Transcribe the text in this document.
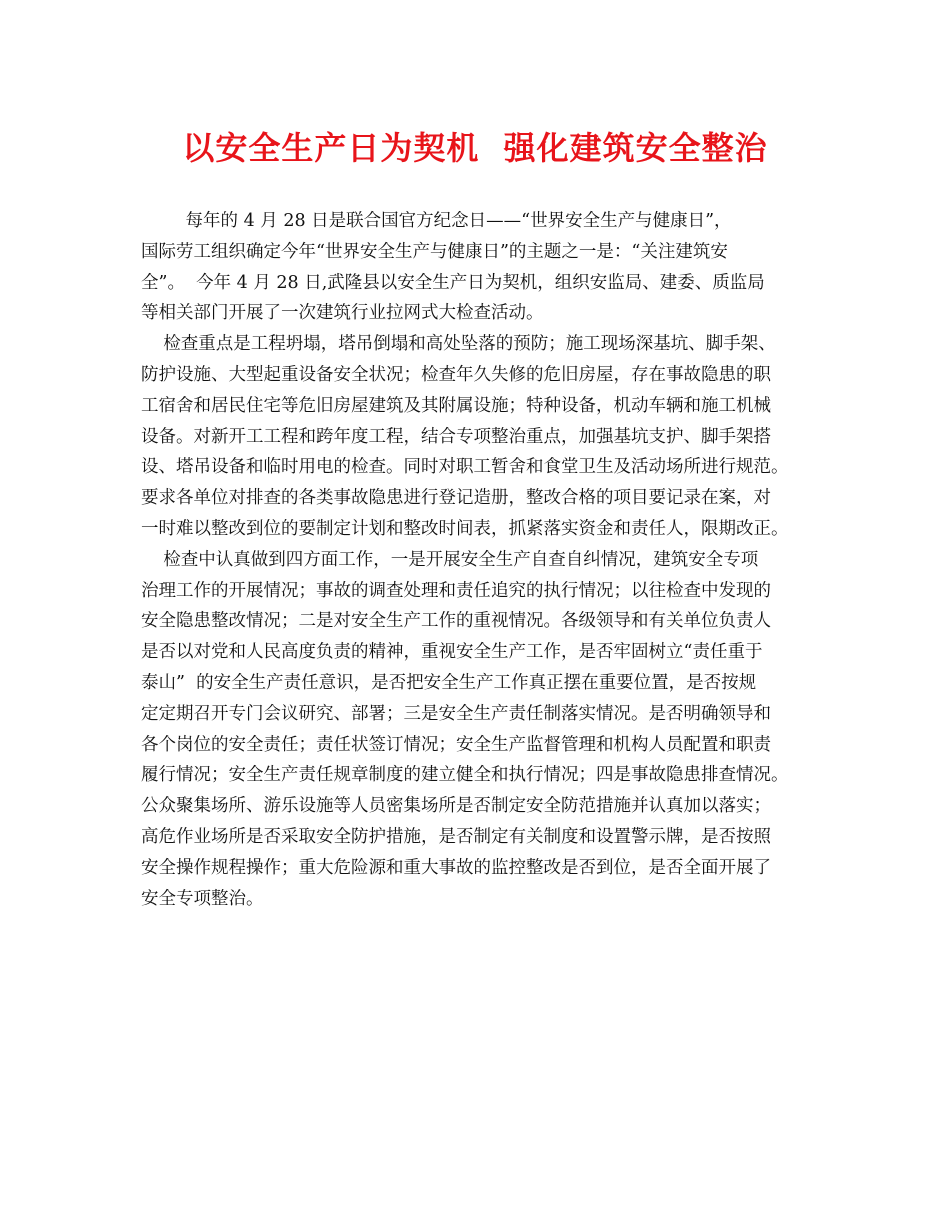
以安全生产日为契机  强化建筑安全整治
每年的 4 月 28 日是联合国官方纪念日——“世界安全生产与健康日”，
国际劳工组织确定今年“世界安全生产与健康日”的主题之一是：“关注建筑安
全”。  今年 4 月 28 日,武隆县以安全生产日为契机，组织安监局、建委、质监局
等相关部门开展了一次建筑行业拉网式大检查活动。
检查重点是工程坍塌，塔吊倒塌和高处坠落的预防；施工现场深基坑、脚手架、
防护设施、大型起重设备安全状况；检查年久失修的危旧房屋，存在事故隐患的职
工宿舍和居民住宅等危旧房屋建筑及其附属设施；特种设备，机动车辆和施工机械
设备。对新开工工程和跨年度工程，结合专项整治重点，加强基坑支护、脚手架搭
设、塔吊设备和临时用电的检查。同时对职工暂舍和食堂卫生及活动场所进行规范。
要求各单位对排查的各类事故隐患进行登记造册，整改合格的项目要记录在案，对
一时难以整改到位的要制定计划和整改时间表，抓紧落实资金和责任人，限期改正。
检查中认真做到四方面工作，一是开展安全生产自查自纠情况，建筑安全专项
治理工作的开展情况；事故的调查处理和责任追究的执行情况；以往检查中发现的
安全隐患整改情况；二是对安全生产工作的重视情况。各级领导和有关单位负责人
是否以对党和人民高度负责的精神，重视安全生产工作，是否牢固树立“责任重于
泰山”  的安全生产责任意识，是否把安全生产工作真正摆在重要位置，是否按规
定定期召开专门会议研究、部署；三是安全生产责任制落实情况。是否明确领导和
各个岗位的安全责任；责任状签订情况；安全生产监督管理和机构人员配置和职责
履行情况；安全生产责任规章制度的建立健全和执行情况；四是事故隐患排查情况。
公众聚集场所、游乐设施等人员密集场所是否制定安全防范措施并认真加以落实；
高危作业场所是否采取安全防护措施，是否制定有关制度和设置警示牌，是否按照
安全操作规程操作；重大危险源和重大事故的监控整改是否到位，是否全面开展了
安全专项整治。
